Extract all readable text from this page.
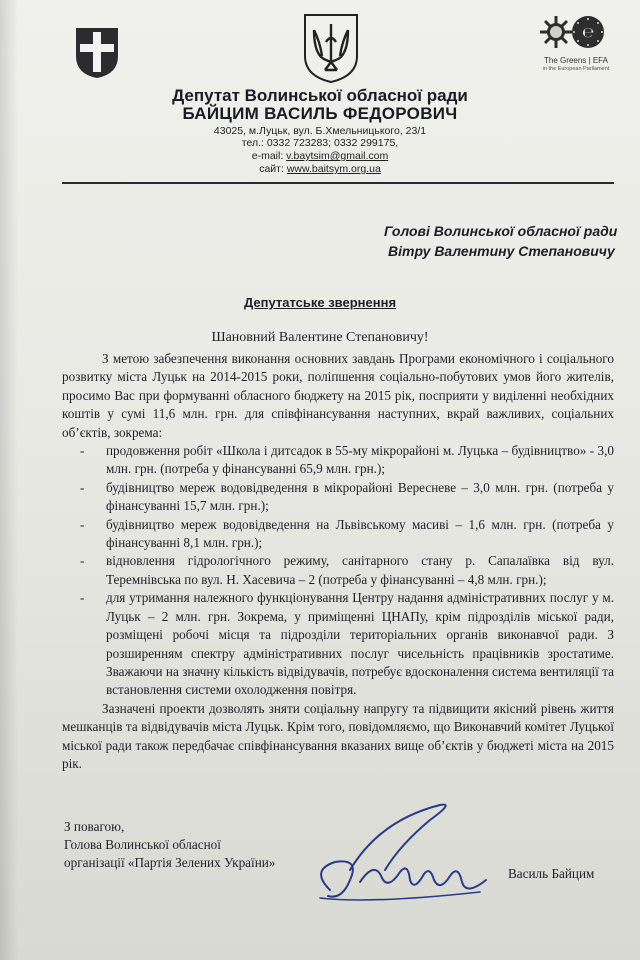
℮
The Greens | EFA
in the European Parliament
Депутат Волинської обласної ради
БАЙЦИМ ВАСИЛЬ ФЕДОРОВИЧ
43025, м.Луцьк, вул. Б.Хмельницького, 23/1
тел.: 0332 723283; 0332 299175,
e-mail: v.baytsim@gmail.com
сайт: www.baitsym.org.ua
Голові Волинської обласної ради
Вітру Валентину Степановичу
Депутатське звернення
Шановний Валентине Степановичу!

З метою забезпечення виконання основних завдань Програми економічного і соціального розвитку міста Луцьк на 2014-2015 роки, поліпшення соціально-побутових умов його жителів, просимо Вас при формуванні обласного бюджету на 2015 рік, посприяти у виділенні необхідних коштів у сумі 11,6 млн. грн. для співфінансування наступних, вкрай важливих, соціальних об’єктів, зокрема:

- продовження робіт «Школа і дитсадок в 55-му мікрорайоні м. Луцька – будівництво» - 3,0 млн. грн. (потреба у фінансуванні 65,9 млн. грн.);
- будівництво мереж водовідведення в мікрорайоні Вересневе – 3,0 млн. грн. (потреба у фінансуванні 15,7 млн. грн.);
- будівництво мереж водовідведення на Львівському масиві – 1,6 млн. грн. (потреба у фінансуванні 8,1 млн. грн.);
- відновлення гідрологічного режиму, санітарного стану р. Сапалаївка від вул. Теремнівська по вул. Н. Хасевича – 2 (потреба у фінансуванні – 4,8 млн. грн.);
- для утримання належного функціонування Центру надання адміністративних послуг у м. Луцьк – 2 млн. грн. Зокрема, у приміщенні ЦНАПу, крім підрозділів міської ради, розміщені робочі місця та підрозділи територіальних органів виконавчої ради. З розширенням спектру адміністративних послуг чисельність працівників зростатиме. Зважаючи на значну кількість відвідувачів, потребує вдосконалення система вентиляції та встановлення системи охолодження повітря.

Зазначені проекти дозволять зняти соціальну напругу та підвищити якісний рівень життя мешканців та відвідувачів міста Луцьк. Крім того, повідомляємо, що Виконавчий комітет Луцької міської ради також передбачає співфінансування вказаних вище об’єктів у бюджеті міста на 2015 рік.

З повагою,
Голова Волинської обласної
організації «Партія Зелених України»
Василь Байцим
